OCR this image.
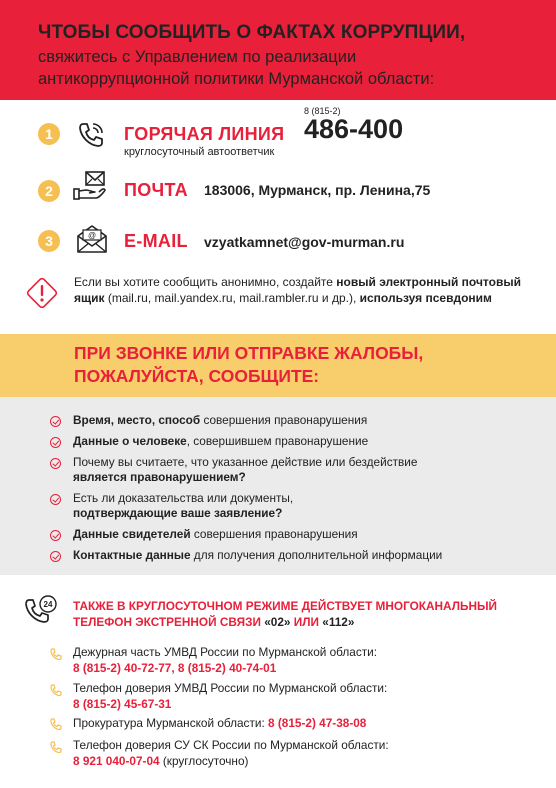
ЧТОБЫ СООБЩИТЬ О ФАКТАХ КОРРУПЦИИ,
свяжитесь с Управлением по реализации
антикоррупционной политики Мурманской области:
1	ГОРЯЧАЯ ЛИНИЯ
круглосуточный автоответчик
8 (815-2)
486-400
2	ПОЧТА 183006, Мурманск, пр. Ленина,75
3	@ E-MAIL vzyatkamnet@gov-murman.ru
Если вы хотите сообщить анонимно, создайте новый электронный почтовый ящик (mail.ru, mail.yandex.ru, mail.rambler.ru и др.), используя псевдоним
ПРИ ЗВОНКЕ ИЛИ ОТПРАВКЕ ЖАЛОБЫ,
ПОЖАЛУЙСТА, СООБЩИТЕ:
Время, место, способ совершения правонарушения
Данные о человеке, совершившем правонарушение
Почему вы считаете, что указанное действие или бездействие
является правонарушением?
Есть ли доказательства или документы,
подтверждающие ваше заявление?
Данные свидетелей совершения правонарушения
Контактные данные для получения дополнительной информации
24 ТАКЖЕ В КРУГЛОСУТОЧНОМ РЕЖИМЕ ДЕЙСТВУЕТ МНОГОКАНАЛЬНЫЙ
ТЕЛЕФОН ЭКСТРЕННОЙ СВЯЗИ «02» ИЛИ «112»
Дежурная часть УМВД России по Мурманской области:
8 (815-2) 40-72-77, 8 (815-2) 40-74-01
Телефон доверия УМВД России по Мурманской области:
8 (815-2) 45-67-31
Прокуратура Мурманской области: 8 (815-2) 47-38-08
Телефон доверия СУ СК России по Мурманской области:
8 921 040-07-04 (круглосуточно)
